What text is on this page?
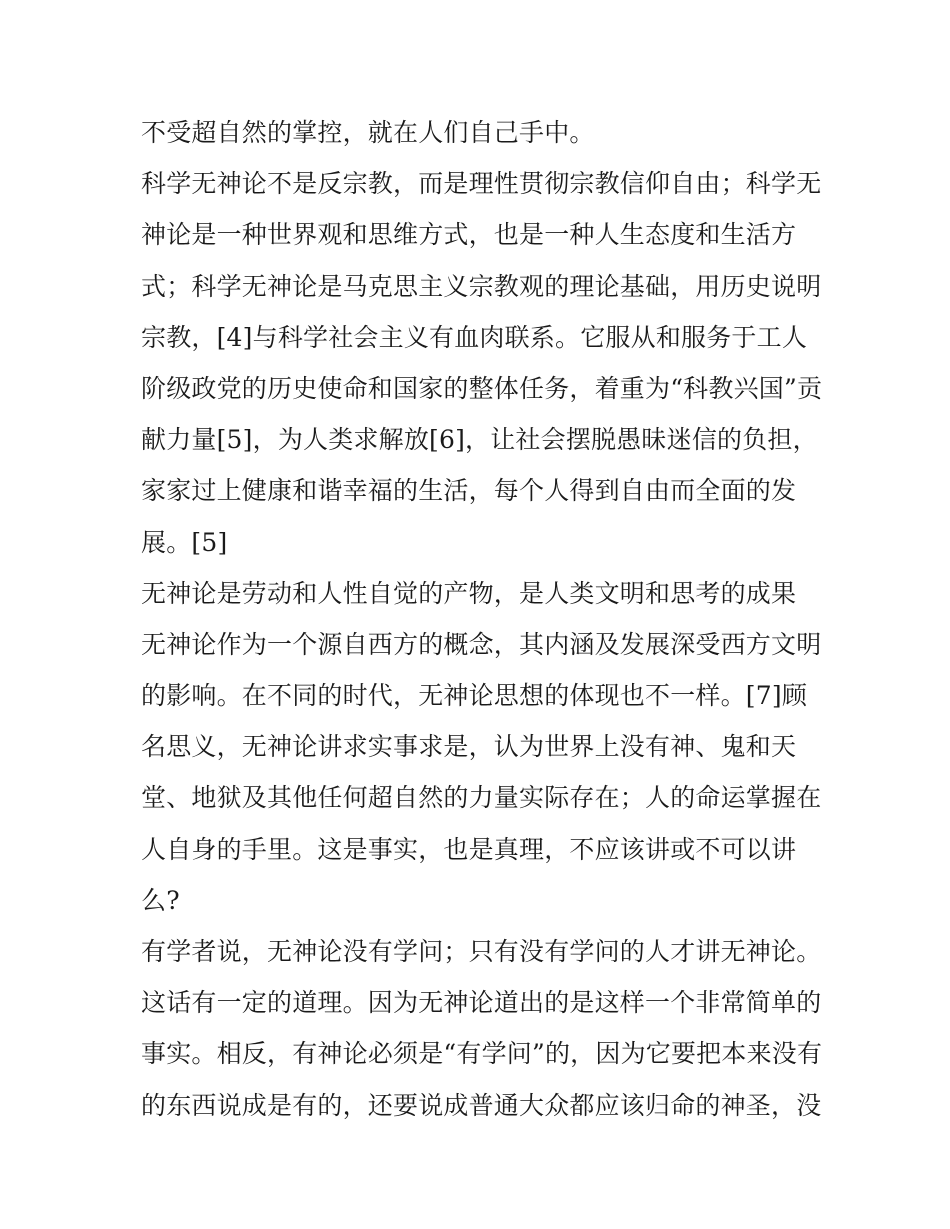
不受超自然的掌控，就在人们自己手中。
科学无神论不是反宗教，而是理性贯彻宗教信仰自由；科学无
神论是一种世界观和思维方式，也是一种人生态度和生活方
式；科学无神论是马克思主义宗教观的理论基础，用历史说明
宗教，[4]与科学社会主义有血肉联系。它服从和服务于工人
阶级政党的历史使命和国家的整体任务，着重为“科教兴国”贡
献力量[5]，为人类求解放[6]，让社会摆脱愚昧迷信的负担，
家家过上健康和谐幸福的生活，每个人得到自由而全面的发
展。[5]
无神论是劳动和人性自觉的产物，是人类文明和思考的成果
无神论作为一个源自西方的概念，其内涵及发展深受西方文明
的影响。在不同的时代，无神论思想的体现也不一样。[7]顾
名思义，无神论讲求实事求是，认为世界上没有神、鬼和天
堂、地狱及其他任何超自然的力量实际存在；人的命运掌握在
人自身的手里。这是事实，也是真理，不应该讲或不可以讲
么?
有学者说，无神论没有学问；只有没有学问的人才讲无神论。
这话有一定的道理。因为无神论道出的是这样一个非常简单的
事实。相反，有神论必须是“有学问”的，因为它要把本来没有
的东西说成是有的，还要说成普通大众都应该归命的神圣，没
